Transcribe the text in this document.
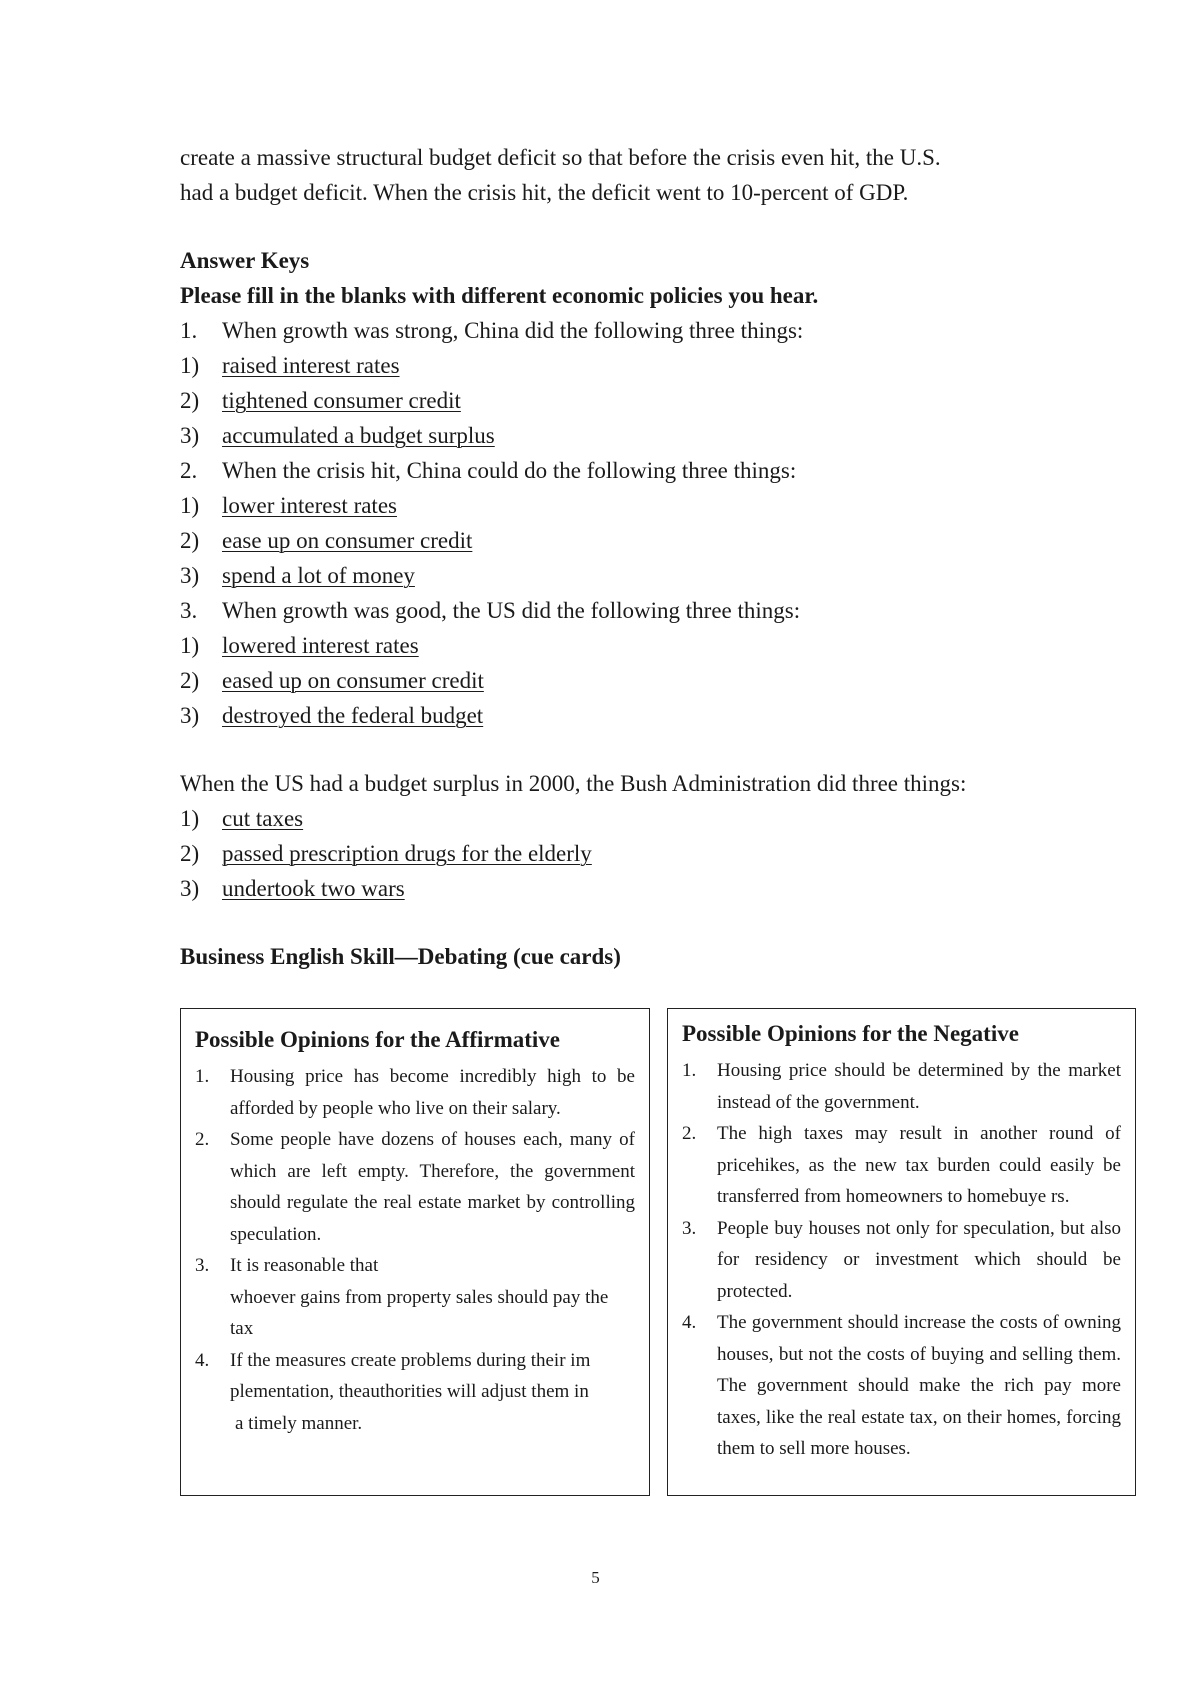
create a massive structural budget deficit so that before the crisis even hit, the U.S.
had a budget deficit. When the crisis hit, the deficit went to 10-percent of GDP.

Answer Keys
Please fill in the blanks with different economic policies you hear.
1.	When growth was strong, China did the following three things:
1) raised interest rates
2) tightened consumer credit
3) accumulated a budget surplus
2.	When the crisis hit, China could do the following three things:
1) lower interest rates
2) ease up on consumer credit
3) spend a lot of money
3.	When growth was good, the US did the following three things:
1) lowered interest rates
2) eased up on consumer credit
3) destroyed the federal budget
When the US had a budget surplus in 2000, the Bush Administration did three things:
1) cut taxes
2) passed prescription drugs for the elderly
3) undertook two wars
Business English Skill—Debating (cue cards)
Possible Opinions for the Affirmative
1.	Housing price has become incredibly high to be afforded by people who live on their salary.
2.	Some people have dozens of houses each, many of which are left empty. Therefore, the government should regulate the real estate market by controlling speculation.
3.	It is reasonable that
whoever gains from property sales should pay the tax
4.	If the measures create problems during their im plementation, theauthorities will adjust them in
a timely manner.
Possible Opinions for the Negative
1.	Housing price should be determined by the market instead of the government.
2.	The high taxes may result in another round of pricehikes, as the new tax burden could easily be transferred from homeowners to homebuye rs.
3.	People buy houses not only for speculation, but also for residency or investment which should be protected.
4.	The government should increase the costs of owning houses, but not the costs of buying and selling them. The government should make the rich pay more taxes, like the real estate tax, on their homes, forcing them to sell more houses.
5
